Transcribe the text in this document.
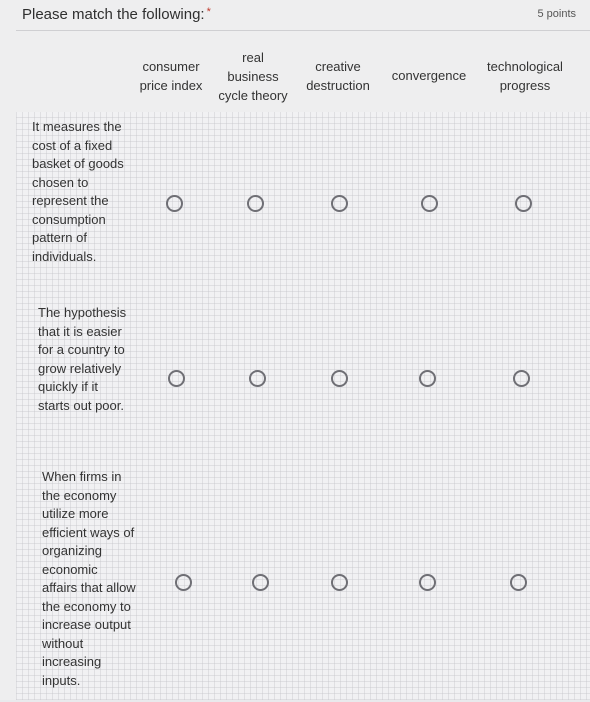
Please match the following: *	5 points
consumer
price index
real
business
cycle theory
creative
destruction
convergence
technological
progress
It measures the cost of a fixed basket of goods chosen to represent the consumption pattern of individuals.
The hypothesis that it is easier for a country to grow relatively quickly if it starts out poor.
When firms in the economy utilize more efficient ways of organizing economic affairs that allow the economy to increase output without increasing inputs.
